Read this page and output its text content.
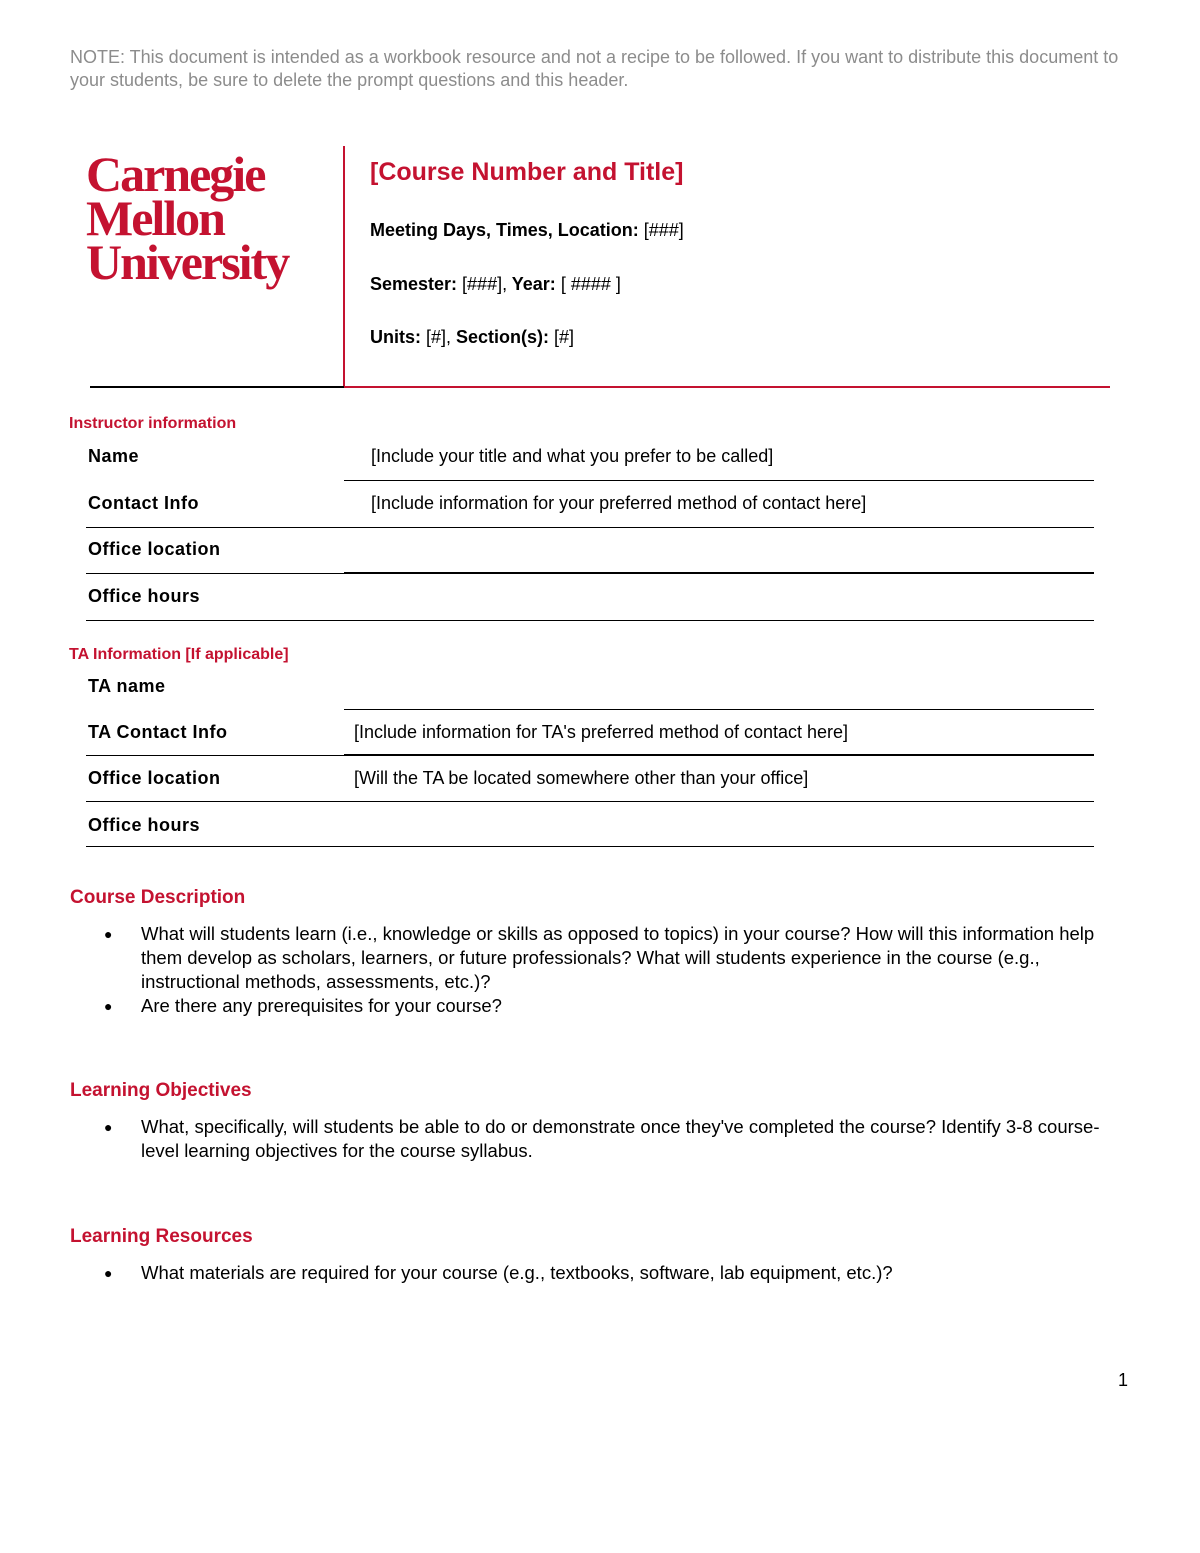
NOTE: This document is intended as a workbook resource and not a recipe to be followed. If you want to distribute this document to your students, be sure to delete the prompt questions and this header.
Carnegie
Mellon
University
[Course Number and Title]
Meeting Days, Times, Location: [###]
Semester: [###], Year: [ #### ]
Units: [#], Section(s): [#]
Instructor information
Name	[Include your title and what you prefer to be called]
Contact Info	[Include information for your preferred method of contact here]
Office location
Office hours
TA Information [If applicable]
TA name
TA Contact Info	[Include information for TA's preferred method of contact here]
Office location	[Will the TA be located somewhere other than your office]
Office hours
Course Description
● What will students learn (i.e., knowledge or skills as opposed to topics) in your course? How will this information help them develop as scholars, learners, or future professionals? What will students experience in the course (e.g., instructional methods, assessments, etc.)?
● Are there any prerequisites for your course?
Learning Objectives
● What, specifically, will students be able to do or demonstrate once they've completed the course? Identify 3-8 course-level learning objectives for the course syllabus.
Learning Resources
● What materials are required for your course (e.g., textbooks, software, lab equipment, etc.)?
1
